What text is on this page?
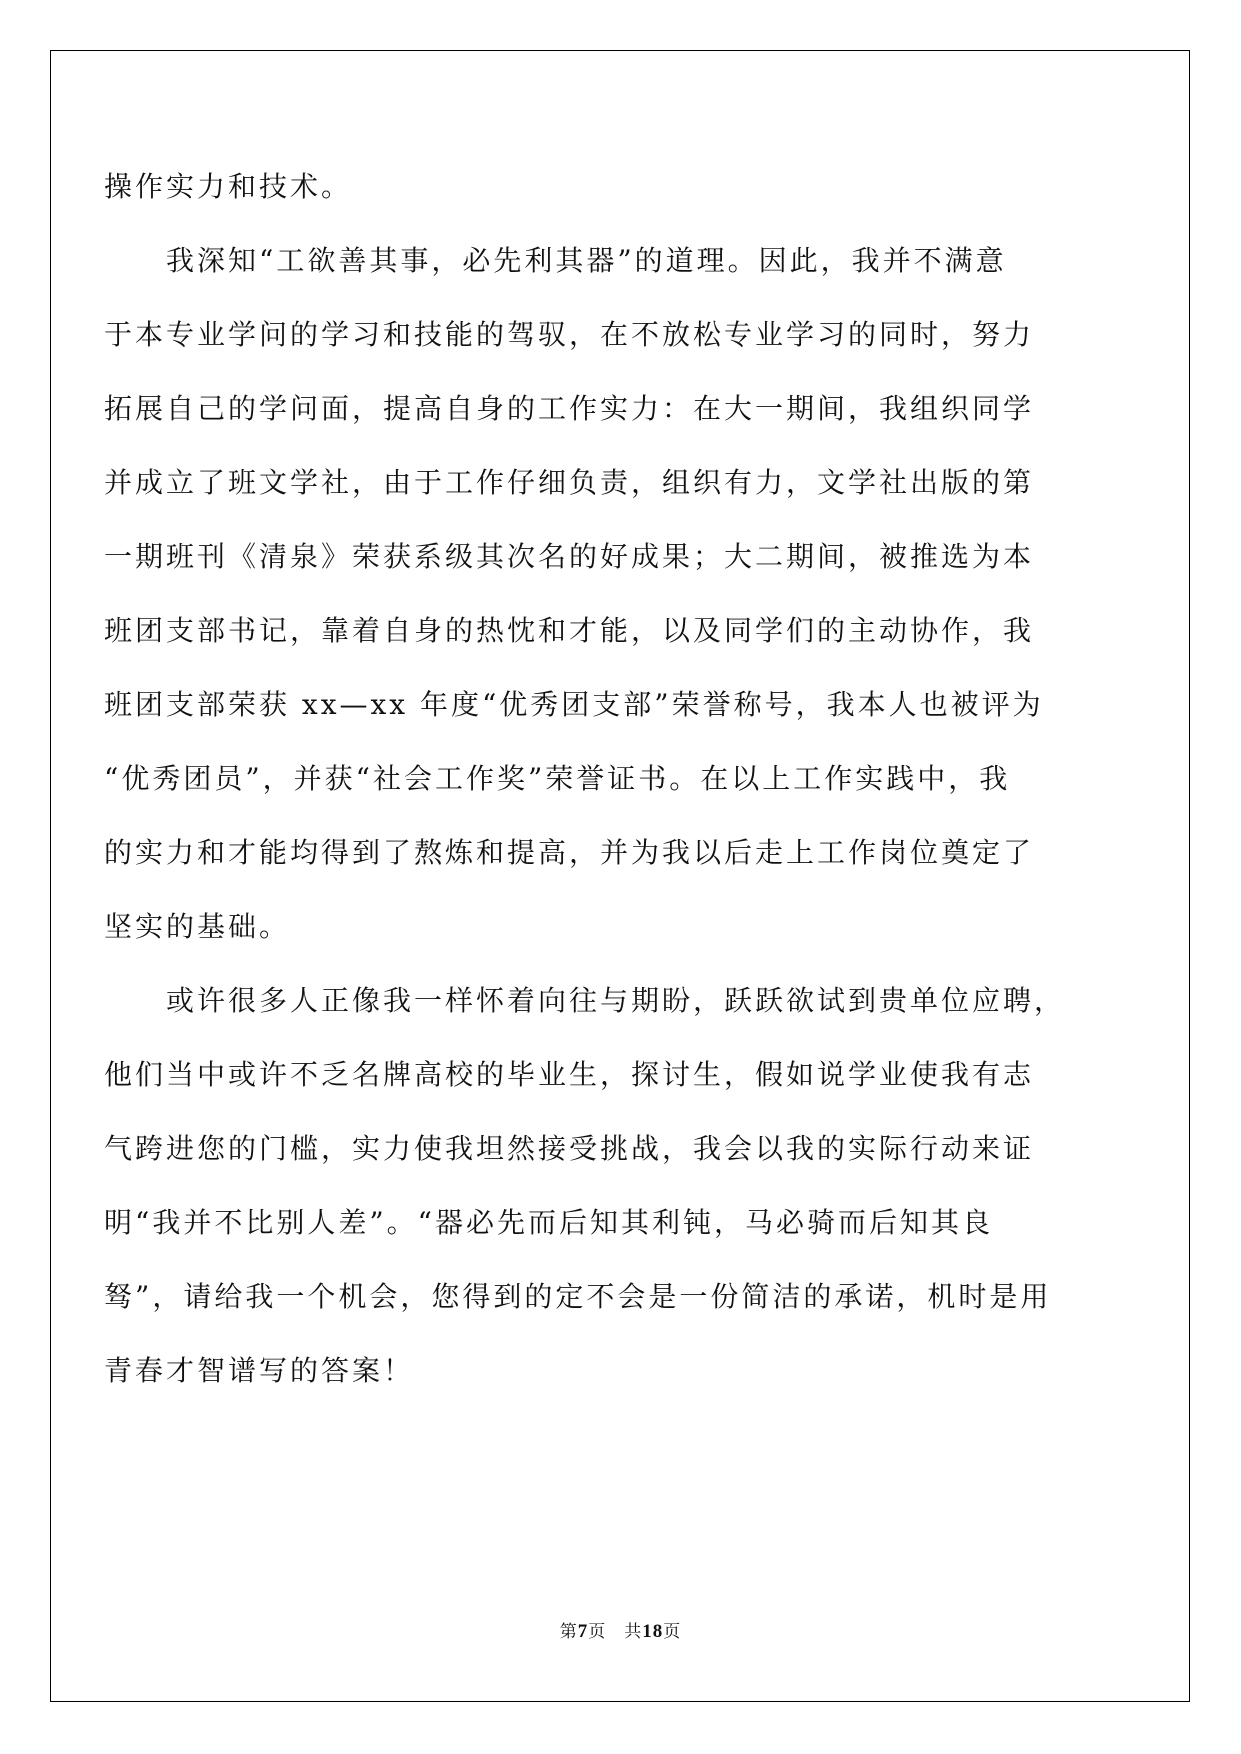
操作实力和技术。
　　我深知“工欲善其事，必先利其器”的道理。因此，我并不满意
于本专业学问的学习和技能的驾驭，在不放松专业学习的同时，努力
拓展自己的学问面，提高自身的工作实力：在大一期间，我组织同学
并成立了班文学社，由于工作仔细负责，组织有力，文学社出版的第
一期班刊《清泉》荣获系级其次名的好成果；大二期间，被推选为本
班团支部书记，靠着自身的热忱和才能，以及同学们的主动协作，我
班团支部荣获 xx—xx 年度“优秀团支部”荣誉称号，我本人也被评为
“优秀团员”，并获“社会工作奖”荣誉证书。在以上工作实践中，我
的实力和才能均得到了熬炼和提高，并为我以后走上工作岗位奠定了
坚实的基础。
　　或许很多人正像我一样怀着向往与期盼，跃跃欲试到贵单位应聘，
他们当中或许不乏名牌高校的毕业生，探讨生，假如说学业使我有志
气跨进您的门槛，实力使我坦然接受挑战，我会以我的实际行动来证
明“我并不比别人差”。“器必先而后知其利钝，马必骑而后知其良
驽”，请给我一个机会，您得到的定不会是一份简洁的承诺，机时是用
青春才智谱写的答案！
第7页 共18页
